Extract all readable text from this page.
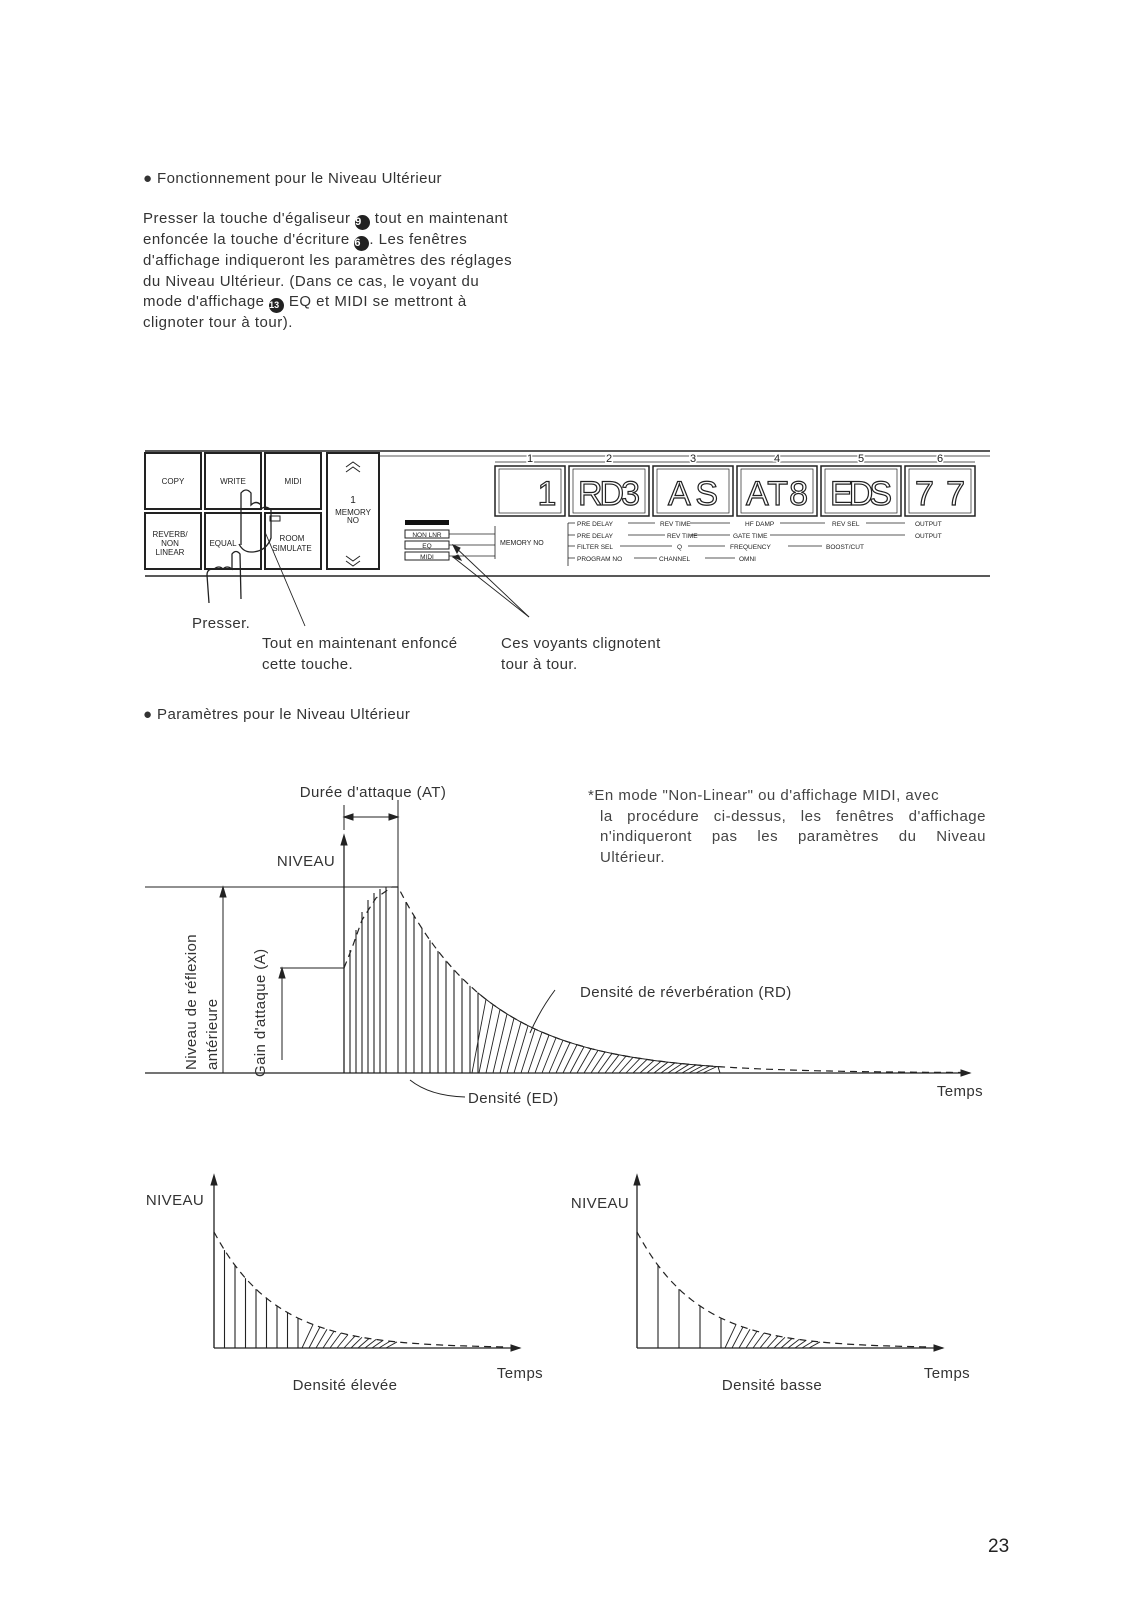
● Fonctionnement pour le Niveau Ultérieur
Presser la touche d'égaliseur 9 tout en maintenant
enfoncée la touche d'écriture 6 . Les fenêtres
d'affichage indiqueront les paramètres des réglages
du Niveau Ultérieur. (Dans ce cas, le voyant du
mode d'affichage 13 EQ et MIDI se mettront à
clignoter tour à tour).
COPY	WRITE	MIDI
REVERB/
NON
LINEAR
EQUAL
ROOM
SIMULATE
1
MEMORY
NO
NON LNR
EQ
MIDI
MEMORY NO
1	2	3	4	5	6
1 RD3 AS AT8 EDS 77
PRE DELAY	REV TIME	HF DAMP	REV SEL	OUTPUT
PRE DELAY	REV TIME	GATE TIME	OUTPUT
FILTER SEL	Q	FREQUENCY	BOOST/CUT
PROGRAM NO	CHANNEL	OMNI
Durée d'attaque (AT)
NIVEAU
Niveau de réflexion antérieure Gain d'attaque (A)	Densité de réverbération (RD)
Densité (ED)	Temps
NIVEAU
Temps
Densité élevée
NIVEAU
Temps
Densité basse
Presser.
Tout en maintenant enfoncé
cette touche.
Ces voyants clignotent
tour à tour.
● Paramètres pour le Niveau Ultérieur
*En mode "Non-Linear" ou d'affichage MIDI, avec
la procédure ci-dessus, les fenêtres d'affichage
n'indiqueront pas les paramètres du Niveau
Ultérieur.
23
